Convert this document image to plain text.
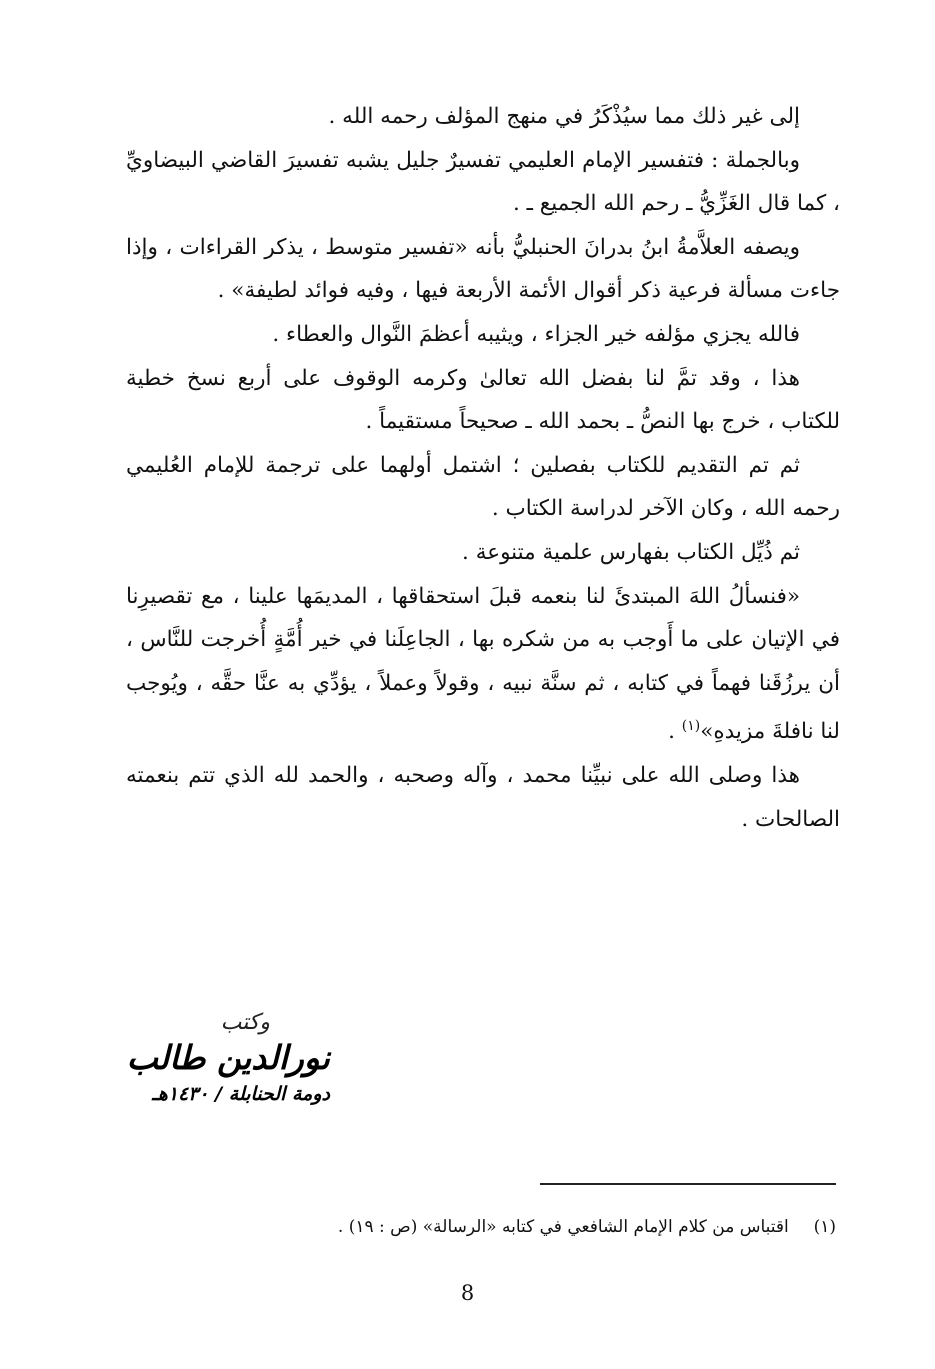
إلى غير ذلك مما سيُذْكَرُ في منهج المؤلف رحمه الله .

وبالجملة : فتفسير الإمام العليمي تفسيرٌ جليل يشبه تفسيرَ القاضي البيضاويِّ ، كما قال الغَزِّيُّ ـ رحم الله الجميع ـ .

ويصفه العلاَّمةُ ابنُ بدرانَ الحنبليُّ بأنه «تفسير متوسط ، يذكر القراءات ، وإذا جاءت مسألة فرعية ذكر أقوال الأئمة الأربعة فيها ، وفيه فوائد لطيفة» .

فالله يجزي مؤلفه خير الجزاء ، ويثيبه أعظمَ النَّوال والعطاء .

هذا ، وقد تمَّ لنا بفضل الله تعالىٰ وكرمه الوقوف على أربع نسخ خطية للكتاب ، خرج بها النصُّ ـ بحمد الله ـ صحيحاً مستقيماً .

ثم تم التقديم للكتاب بفصلين ؛ اشتمل أولهما على ترجمة للإمام العُليمي رحمه الله ، وكان الآخر لدراسة الكتاب .

ثم ذُيِّل الكتاب بفهارس علمية متنوعة .

«فنسألُ اللهَ المبتدئَ لنا بنعمه قبلَ استحقاقها ، المديمَها علينا ، مع تقصيرِنا في الإتيان على ما أَوجب به من شكره بها ، الجاعِلَنا في خير أُمَّةٍ أُخرجت للنَّاس ، أن يرزُقَنا فهماً في كتابه ، ثم سنَّة نبيه ، وقولاً وعملاً ، يؤدِّي به عنَّا حقَّه ، ويُوجب لنا نافلةَ مزيدهِ»$^{(١)}$ .

هذا وصلى الله على نبيِّنا محمد ، وآله وصحبه ، والحمد لله الذي تتم بنعمته الصالحات .

وكتب
نورالدين طالب
دومة الحنابلة / ١٤٣٠هـ
(١)  اقتباس من كلام الإمام الشافعي في كتابه «الرسالة» (ص : ١٩) .
8
